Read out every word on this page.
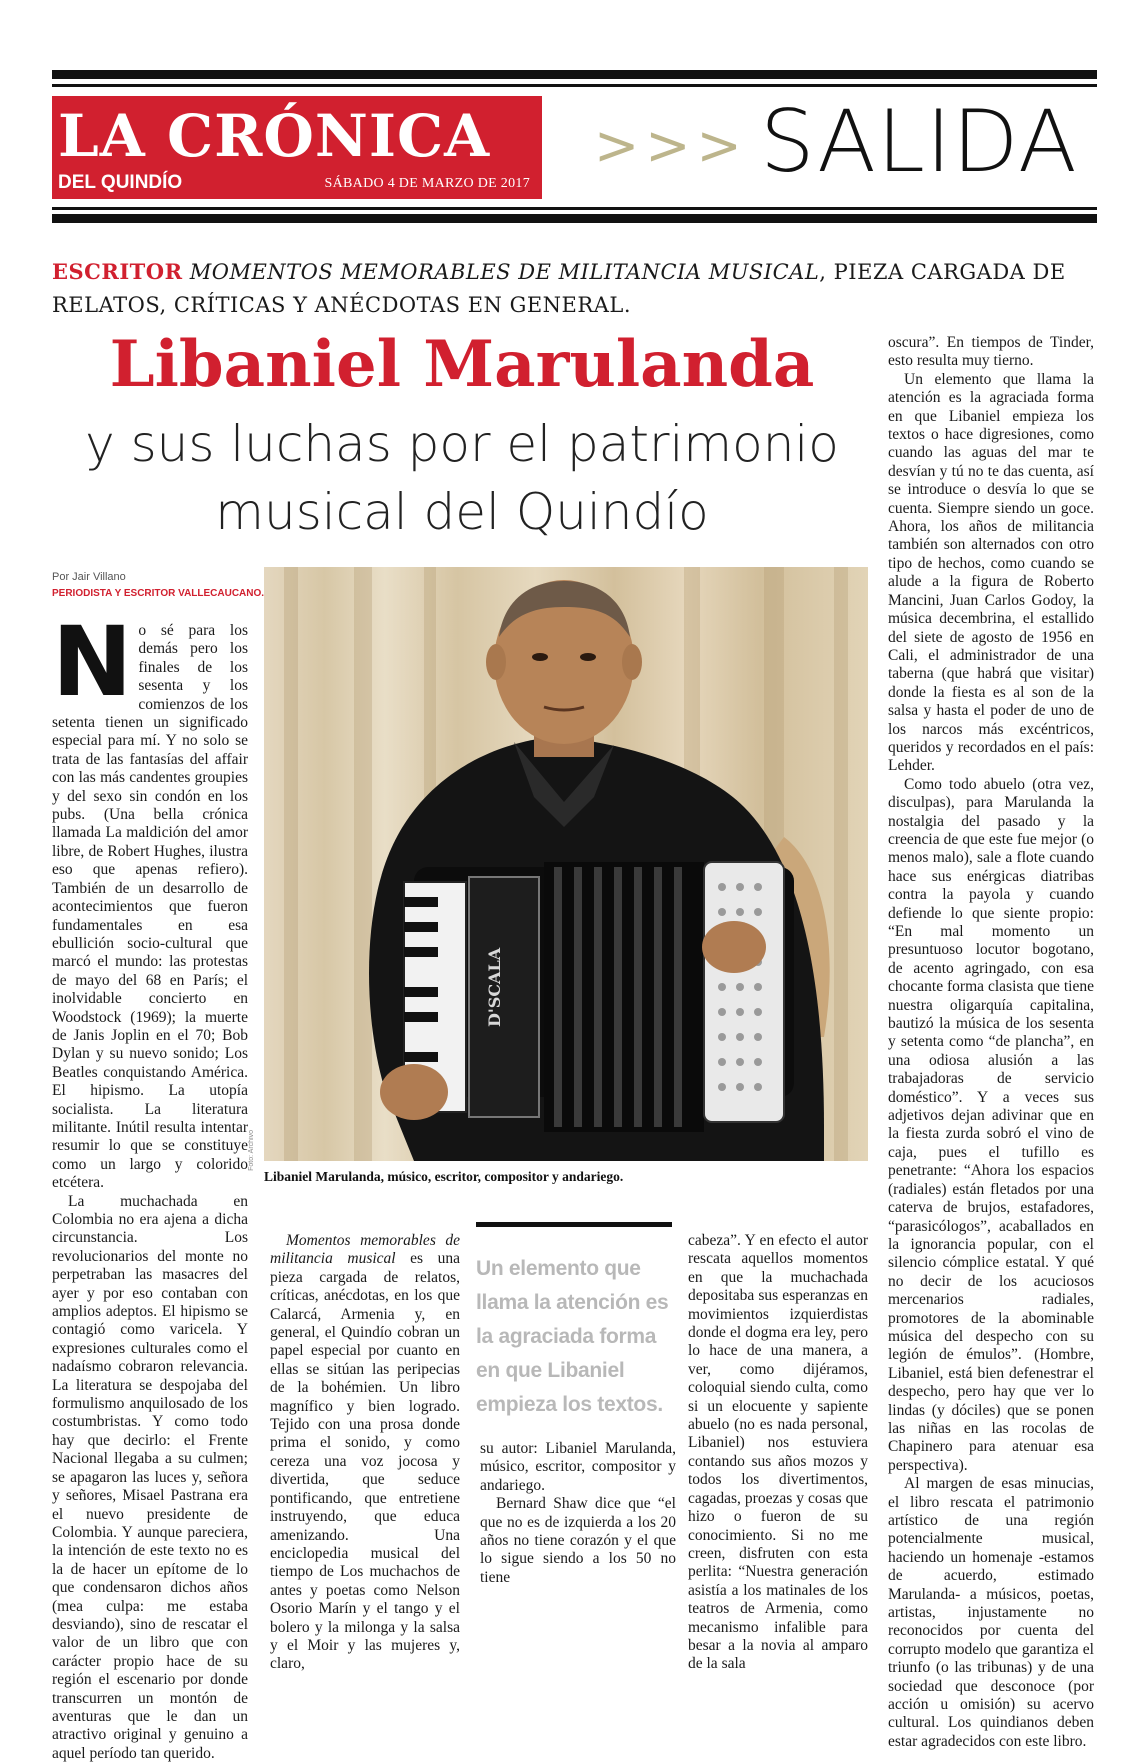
LA CRÓNICA
DEL QUINDÍO	SÁBADO 4 DE MARZO DE 2017
>>> SALIDA
ESCRITOR MOMENTOS MEMORABLES DE MILITANCIA MUSICAL, PIEZA CARGADA DE RELATOS, CRÍTICAS Y ANÉCDOTAS EN GENERAL.
Libaniel Marulanda
y sus luchas por el patrimonio musical del Quindío
Por Jair Villano
PERIODISTA Y ESCRITOR VALLECAUCANO.

No sé para los demás pero los finales de los sesenta y los comienzos de los setenta tienen un significado especial para mí. Y no solo se trata de las fantasías del affair con las más candentes groupies y del sexo sin condón en los pubs. (Una bella crónica llamada La maldición del amor libre, de Robert Hughes, ilustra eso que apenas refiero). También de un desarrollo de acontecimientos que fueron fundamentales en esa ebullición socio-cultural que marcó el mundo: las protestas de mayo del 68 en París; el inolvidable concierto en Woodstock (1969); la muerte de Janis Joplin en el 70; Bob Dylan y su nuevo sonido; Los Beatles conquistando América. El hipismo. La utopía socialista. La literatura militante. Inútil resulta intentar resumir lo que se constituye como un largo y colorido etcétera.

La muchachada en Colombia no era ajena a dicha circunstancia. Los revolucionarios del monte no perpetraban las masacres del ayer y por eso contaban con amplios adeptos. El hipismo se contagió como varicela. Y expresiones culturales como el nadaísmo cobraron relevancia. La literatura se despojaba del formulismo anquilosado de los costumbristas. Y como todo hay que decirlo: el Frente Nacional llegaba a su culmen; se apagaron las luces y, señora y señores, Misael Pastrana era el nuevo presidente de Colombia. Y aunque pareciera, la intención de este texto no es la de hacer un epítome de lo que condensaron dichos años (mea culpa: me estaba desviando), sino de rescatar el valor de un libro que con carácter propio hace de su región el escenario por donde transcurren un montón de aventuras que le dan un atractivo original y genuino a aquel período tan querido.

D'SCALA
Foto: Archivo
Libaniel Marulanda, músico, escritor, compositor y andariego.

Momentos memorables de militancia musical es una pieza cargada de relatos, críticas, anécdotas, en los que Calarcá, Armenia y, en general, el Quindío cobran un papel especial por cuanto en ellas se sitúan las peripecias de la bohémien. Un libro magnífico y bien logrado. Tejido con una prosa donde prima el sonido, y como cereza una voz jocosa y divertida, que seduce pontificando, que entretiene instruyendo, que educa amenizando. Una enciclopedia musical del tiempo de Los muchachos de antes y poetas como Nelson Osorio Marín y el tango y el bolero y la milonga y la salsa y el Moir y las mujeres y, claro,

Un elemento que llama la atención es la agraciada forma en que Libaniel empieza los textos.

su autor: Libaniel Marulanda, músico, escritor, compositor y andariego.

Bernard Shaw dice que “el que no es de izquierda a los 20 años no tiene corazón y el que lo sigue siendo a los 50 no tiene

cabeza”. Y en efecto el autor rescata aquellos momentos en que la muchachada depositaba sus esperanzas en movimientos izquierdistas donde el dogma era ley, pero lo hace de una manera, a ver, como dijéramos, coloquial siendo culta, como si un elocuente y sapiente abuelo (no es nada personal, Libaniel) nos estuviera contando sus años mozos y todos los divertimentos, cagadas, proezas y cosas que hizo o fueron de su conocimiento. Si no me creen, disfruten con esta perlita: “Nuestra generación asistía a los matinales de los teatros de Armenia, como mecanismo infalible para besar a la novia al amparo de la sala

oscura”. En tiempos de Tinder, esto resulta muy tierno.

Un elemento que llama la atención es la agraciada forma en que Libaniel empieza los textos o hace digresiones, como cuando las aguas del mar te desvían y tú no te das cuenta, así se introduce o desvía lo que se cuenta. Siempre siendo un goce. Ahora, los años de militancia también son alternados con otro tipo de hechos, como cuando se alude a la figura de Roberto Mancini, Juan Carlos Godoy, la música decembrina, el estallido del siete de agosto de 1956 en Cali, el administrador de una taberna (que habrá que visitar) donde la fiesta es al son de la salsa y hasta el poder de uno de los narcos más excéntricos, queridos y recordados en el país: Lehder.

Como todo abuelo (otra vez, disculpas), para Marulanda la nostalgia del pasado y la creencia de que este fue mejor (o menos malo), sale a flote cuando hace sus enérgicas diatribas contra la payola y cuando defiende lo que siente propio: “En mal momento un presuntuoso locutor bogotano, de acento agringado, con esa chocante forma clasista que tiene nuestra oligarquía capitalina, bautizó la música de los sesenta y setenta como “de plancha”, en una odiosa alusión a las trabajadoras de servicio doméstico”. Y a veces sus adjetivos dejan adivinar que en la fiesta zurda sobró el vino de caja, pues el tufillo es penetrante: “Ahora los espacios (radiales) están fletados por una caterva de brujos, estafadores, “parasicólogos”, acaballados en la ignorancia popular, con el silencio cómplice estatal. Y qué no decir de los acuciosos mercenarios radiales, promotores de la abominable música del despecho con su legión de émulos”. (Hombre, Libaniel, está bien defenestrar el despecho, pero hay que ver lo lindas (y dóciles) que se ponen las niñas en las rocolas de Chapinero para atenuar esa perspectiva).

Al margen de esas minucias, el libro rescata el patrimonio artístico de una región potencialmente musical, haciendo un homenaje -estamos de acuerdo, estimado Marulanda- a músicos, poetas, artistas, injustamente no reconocidos por cuenta del corrupto modelo que garantiza el triunfo (o las tribunas) y de una sociedad que desconoce (por acción u omisión) su acervo cultural. Los quindianos deben estar agradecidos con este libro.
